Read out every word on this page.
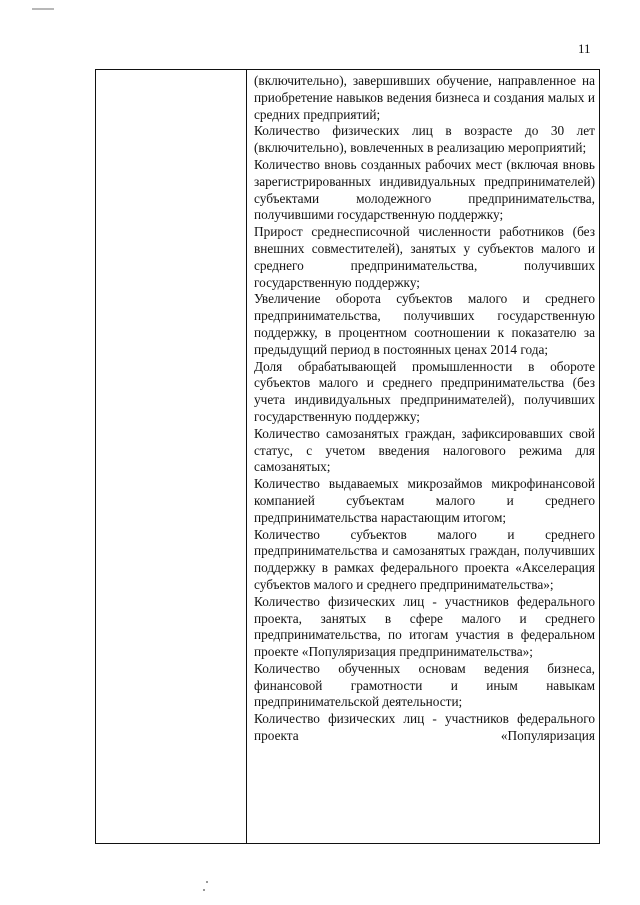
11

(включительно), завершивших обучение, направленное на приобретение навыков ведения бизнеса и создания малых и средних предприятий;

Количество физических лиц в возрасте до 30 лет (включительно), вовлеченных в реализацию мероприятий;

Количество вновь созданных рабочих мест (включая вновь зарегистрированных индивидуальных предпринимателей) субъектами молодежного предпринимательства, получившими государственную поддержку;

Прирост среднесписочной численности работников (без внешних совместителей), занятых у субъектов малого и среднего предпринимательства, получивших государственную поддержку;

Увеличение оборота субъектов малого и среднего предпринимательства, получивших государственную поддержку, в процентном соотношении к показателю за предыдущий период в постоянных ценах 2014 года;

Доля обрабатывающей промышленности в обороте субъектов малого и среднего предпринимательства (без учета индивидуальных предпринимателей), получивших государственную поддержку;

Количество самозанятых граждан, зафиксировавших свой статус, с учетом введения налогового режима для самозанятых;

Количество выдаваемых микрозаймов микрофинансовой компанией субъектам малого и среднего предпринимательства нарастающим итогом;

Количество субъектов малого и среднего предпринимательства и самозанятых граждан, получивших поддержку в рамках федерального проекта «Акселерация субъектов малого и среднего предпринимательства»;

Количество физических лиц - участников федерального проекта, занятых в сфере малого и среднего предпринимательства, по итогам участия в федеральном проекте «Популяризация предпринимательства»;

Количество обученных основам ведения бизнеса, финансовой грамотности и иным навыкам предпринимательской деятельности;

Количество физических лиц - участников федерального проекта «Популяризация
